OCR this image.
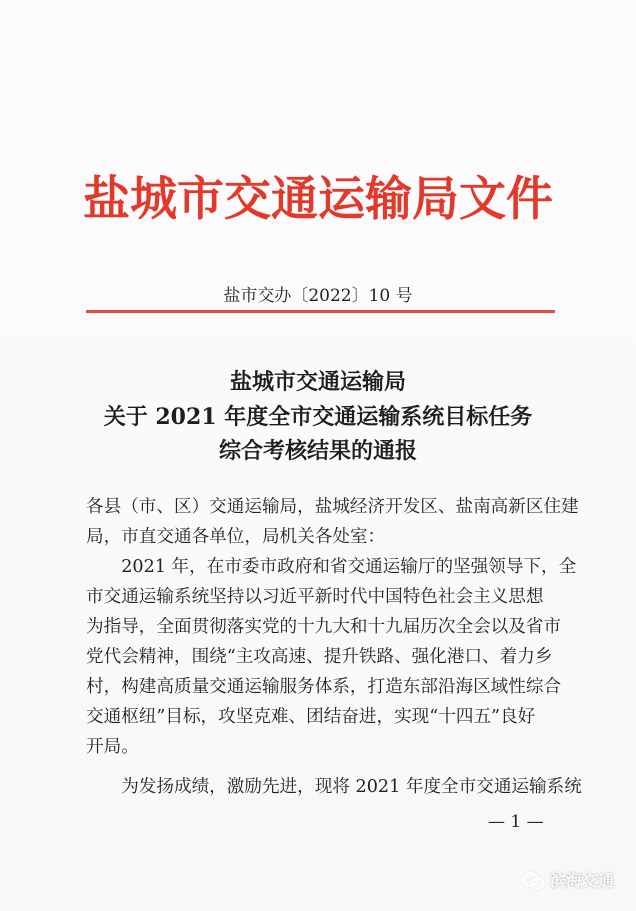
盐城市交通运输局文件
盐市交办〔2022〕10 号
盐城市交通运输局
关于 2021 年度全市交通运输系统目标任务
综合考核结果的通报

各县（市、区）交通运输局，盐城经济开发区、盐南高新区住建

局，市直交通各单位，局机关各处室：

　　2021 年，在市委市政府和省交通运输厅的坚强领导下，全

市交通运输系统坚持以习近平新时代中国特色社会主义思想

为指导，全面贯彻落实党的十九大和十九届历次全会以及省市

党代会精神，围绕“主攻高速、提升铁路、强化港口、着力乡

村，构建高质量交通运输服务体系，打造东部沿海区域性综合

交通枢纽”目标，攻坚克难、团结奋进，实现“十四五”良好

开局。

　　为发扬成绩，激励先进，现将 2021 年度全市交通运输系统

— 1 —
滨海交通
